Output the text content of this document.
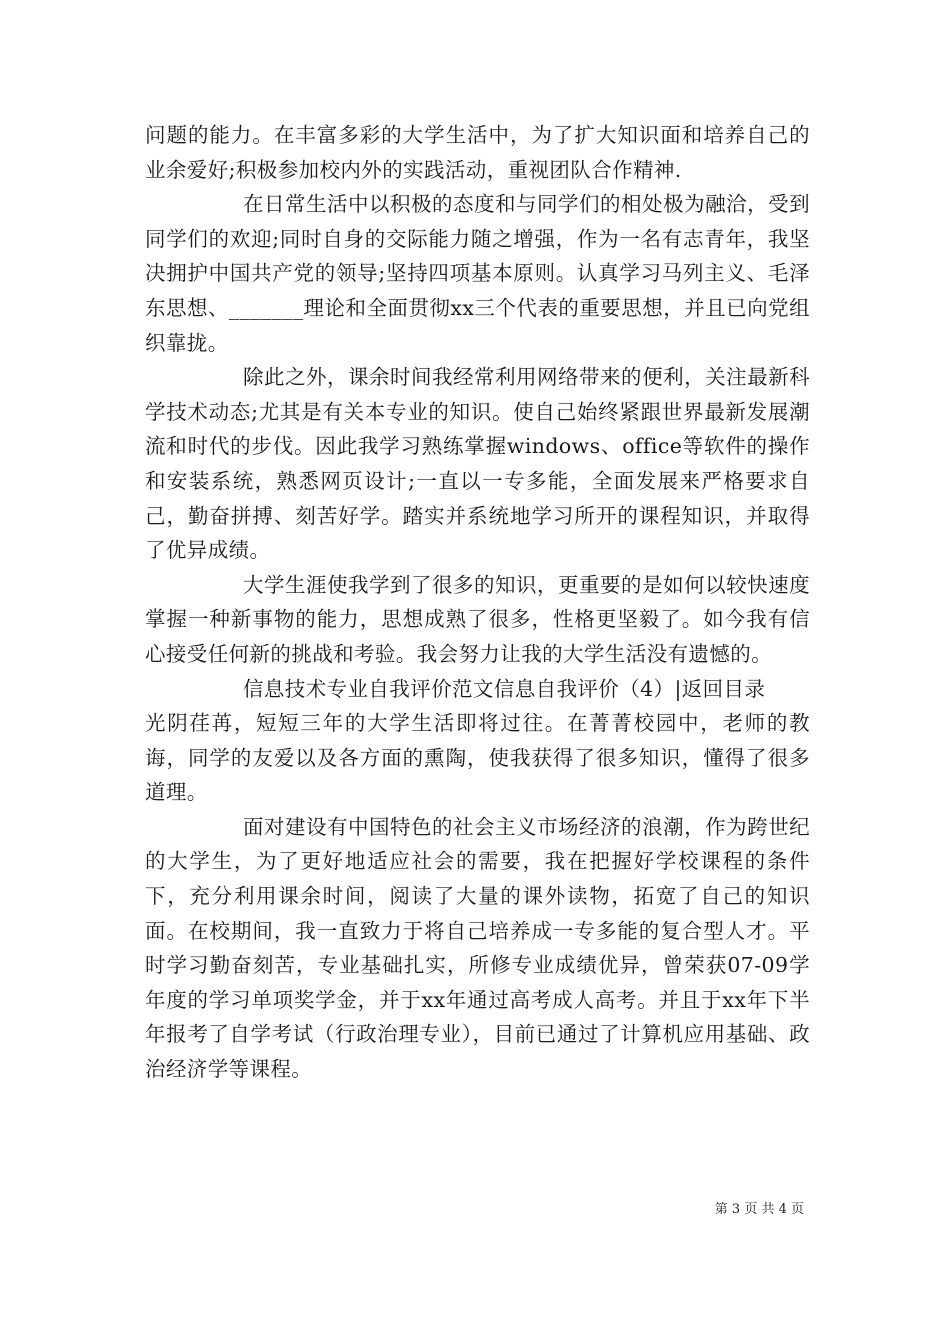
问题的能力。在丰富多彩的大学生活中，为了扩大知识面和培养自己的业余爱好;积极参加校内外的实践活动，重视团队合作精神.

在日常生活中以积极的态度和与同学们的相处极为融洽，受到同学们的欢迎;同时自身的交际能力随之增强，作为一名有志青年，我坚决拥护中国共产党的领导;坚持四项基本原则。认真学习马列主义、毛泽东思想、_______理论和全面贯彻xx三个代表的重要思想，并且已向党组织靠拢。

除此之外，课余时间我经常利用网络带来的便利，关注最新科学技术动态;尤其是有关本专业的知识。使自己始终紧跟世界最新发展潮流和时代的步伐。因此我学习熟练掌握windows、office等软件的操作和安装系统，熟悉网页设计;一直以一专多能，全面发展来严格要求自己，勤奋拼搏、刻苦好学。踏实并系统地学习所开的课程知识，并取得了优异成绩。

大学生涯使我学到了很多的知识，更重要的是如何以较快速度掌握一种新事物的能力，思想成熟了很多，性格更坚毅了。如今我有信心接受任何新的挑战和考验。我会努力让我的大学生活没有遗憾的。

信息技术专业自我评价范文信息自我评价（4）|返回目录

光阴荏苒，短短三年的大学生活即将过往。在菁菁校园中，老师的教诲，同学的友爱以及各方面的熏陶，使我获得了很多知识，懂得了很多道理。

面对建设有中国特色的社会主义市场经济的浪潮，作为跨世纪的大学生，为了更好地适应社会的需要，我在把握好学校课程的条件下，充分利用课余时间，阅读了大量的课外读物，拓宽了自己的知识面。在校期间，我一直致力于将自己培养成一专多能的复合型人才。平时学习勤奋刻苦，专业基础扎实，所修专业成绩优异，曾荣获07-09学年度的学习单项奖学金，并于xx年通过高考成人高考。并且于xx年下半年报考了自学考试（行政治理专业），目前已通过了计算机应用基础、政治经济学等课程。

第 3 页 共 4 页
